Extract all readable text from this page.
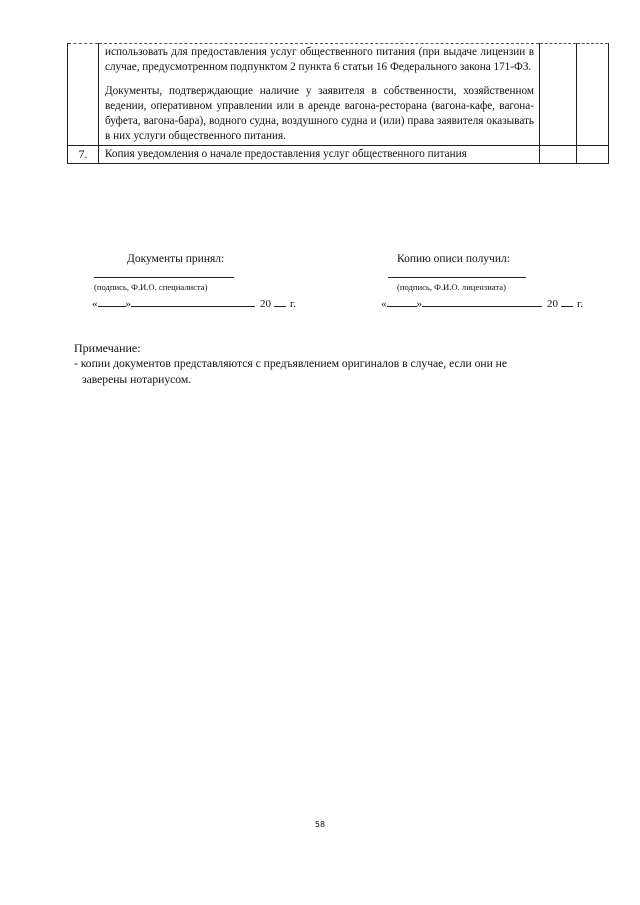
	использовать для предоставления услуг общественного питания (при выдаче лицензии в случае, предусмотренном подпунктом 2 пункта 6 статьи 16 Федерального закона 171-ФЗ.

Документы, подтверждающие наличие у заявителя в собственности, хозяйственном ведении, оперативном управлении или в аренде вагона-ресторана (вагона-кафе, вагона-буфета, вагона-бара), водного судна, воздушного судна и (или) права заявителя оказывать в них услуги общественного питания.		

7.	Копия уведомления о начале предоставления услуг общественного питания		

Документы принял:
(подпись, Ф.И.О. специалиста)
«	»	20 г.
Копию описи получил:
(подпись, Ф.И.О. лицензиата)
«	»	20 г.
Примечание:
- копии документов представляются с предъявлением оригиналов в случае, если они не
заверены нотариусом.
58
